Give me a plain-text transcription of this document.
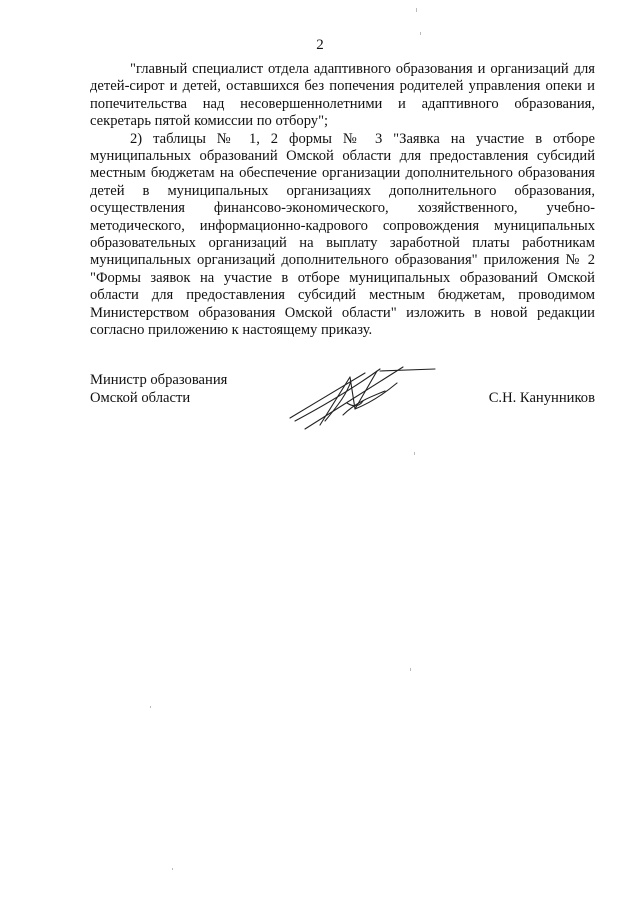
2

"главный специалист отдела адаптивного образования и организаций для детей-сирот и детей, оставшихся без попечения родителей управления опеки и попечительства над несовершеннолетними и адаптивного образования, секретарь пятой комиссии по отбору";

2) таблицы № 1, 2 формы № 3 "Заявка на участие в отборе муниципальных образований Омской области для предоставления субсидий местным бюджетам на обеспечение организации дополнительного образования детей в муниципальных организациях дополнительного образования, осуществления финансово-экономического, хозяйственного, учебно-методического, информационно-кадрового сопровождения муниципальных образовательных организаций на выплату заработной платы работникам муниципальных организаций дополнительного образования" приложения № 2 "Формы заявок на участие в отборе муниципальных образований Омской области для предоставления субсидий местным бюджетам, проводимом Министерством образования Омской области" изложить в новой редакции согласно приложению к настоящему приказу.

Министр образования
Омской области	С.Н. Канунников
